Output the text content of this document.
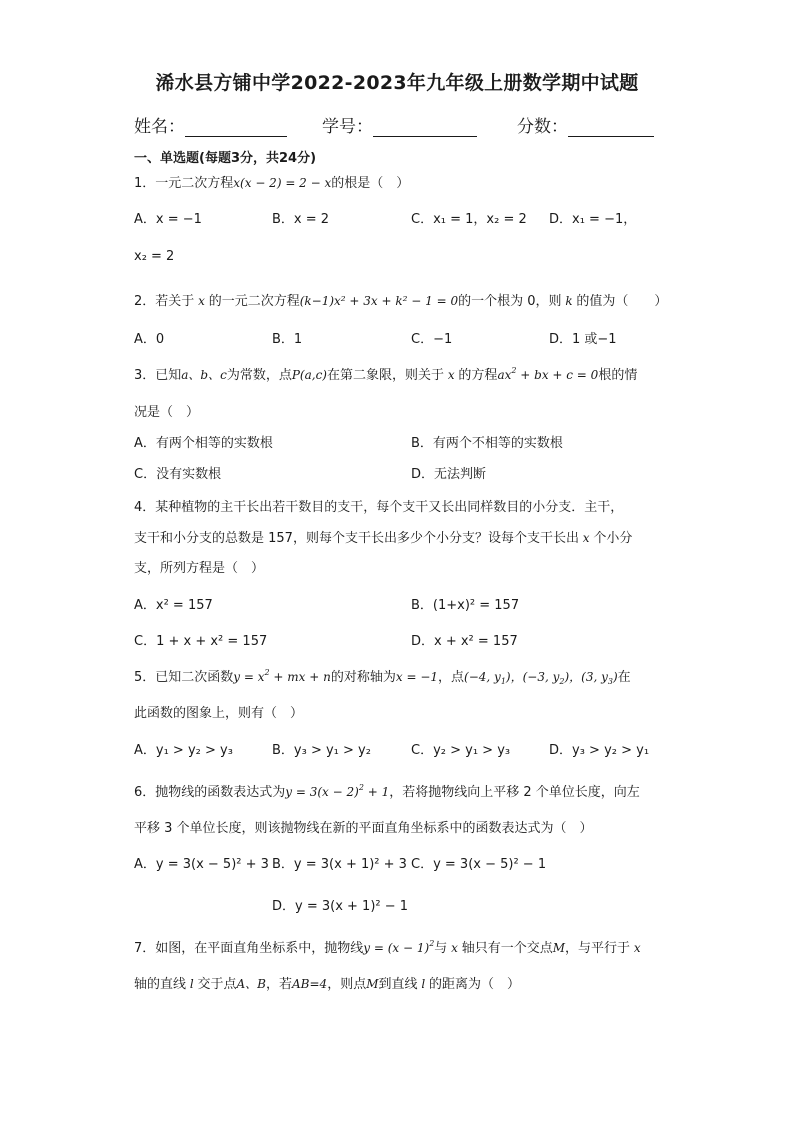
浠水县方铺中学2022-2023年九年级上册数学期中试题
姓名：	学号：	分数：
一、单选题(每题3分，共24分)
1．一元二次方程x(x − 2) = 2 − x的根是（　）
A．x = −1	B．x = 2	C．x₁ = 1，x₂ = 2 D．x₁ = −1，
x₂ = 2
2．若关于 x 的一元二次方程(k−1)x² + 3x + k² − 1 = 0的一个根为 0，则 k 的值为（　　）
A．0	B．1	C．−1	D．1 或−1
3．已知a、b、c为常数，点P(a,c)在第二象限，则关于 x 的方程$ax^2$ + bx + c = 0根的情
况是（　）
A．有两个相等的实数根	B．有两个不相等的实数根
C．没有实数根	D．无法判断
4．某种植物的主干长出若干数目的支干，每个支干又长出同样数目的小分支．主干，
支干和小分支的总数是 157，则每个支干长出多少个小分支？设每个支干长出 x 个小分
支，所列方程是（　）
A．x² = 157	B．(1+x)² = 157
C．1 + x + x² = 157	D．x + x² = 157
5．已知二次函数$y = x^2$ + mx + n的对称轴为x = −1，点(−4, $y_1$)，(−3, $y_2$)，(3, $y_3$)在
此函数的图象上，则有（　）
A．y₁ > y₂ > y₃	B．y₃ > y₁ > y₂	C．y₂ > y₁ > y₃	D．y₃ > y₂ > y₁
6．抛物线的函数表达式为$y = 3(x - 2)^2 + 1$，若将抛物线向上平移 2 个单位长度，向左
平移 3 个单位长度，则该抛物线在新的平面直角坐标系中的函数表达式为（　）
A．y = 3(x − 5)² + 3 B．y = 3(x + 1)² + 3 C．y = 3(x − 5)² − 1
D．y = 3(x + 1)² − 1
7．如图，在平面直角坐标系中，抛物线$y = (x - 1)^2$与 x 轴只有一个交点M，与平行于 x
轴的直线 l 交于点A、B，若AB=4，则点M到直线 l 的距离为（　）
